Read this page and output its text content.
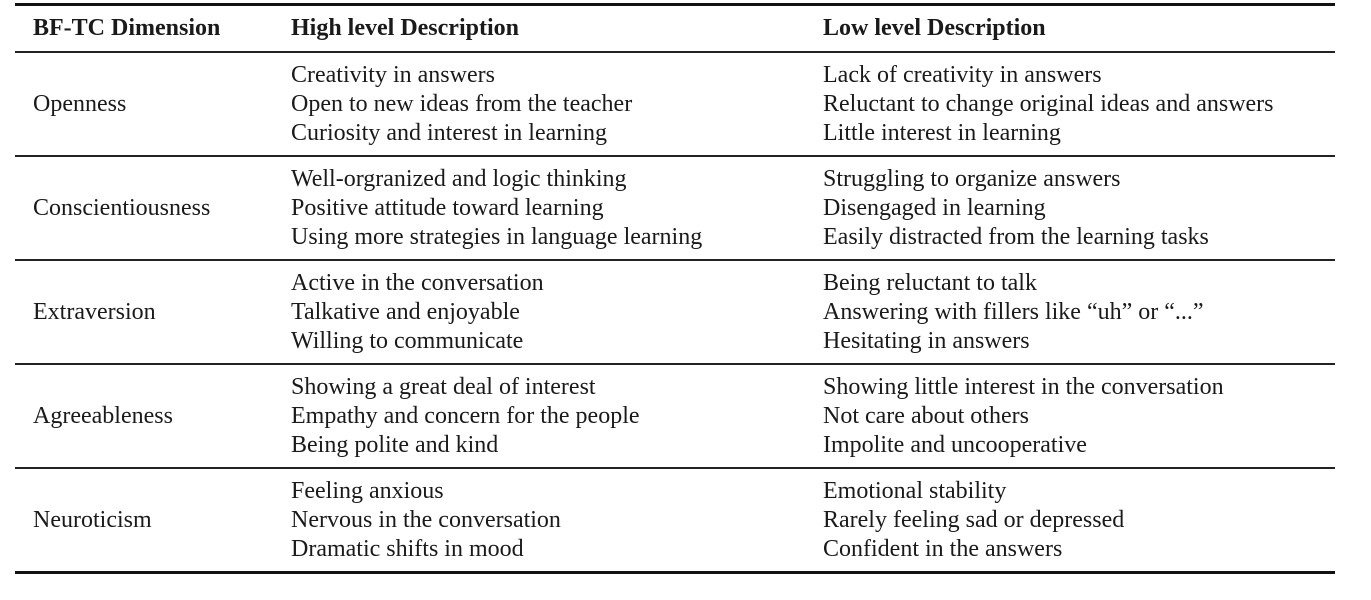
BF-TC Dimension	High level Description	Low level Description
Openness
Creativity in answers
Open to new ideas from the teacher
Curiosity and interest in learning
Lack of creativity in answers
Reluctant to change original ideas and answers
Little interest in learning
Conscientiousness
Well-orgranized and logic thinking
Positive attitude toward learning
Using more strategies in language learning
Struggling to organize answers
Disengaged in learning
Easily distracted from the learning tasks
Extraversion
Active in the conversation
Talkative and enjoyable
Willing to communicate
Being reluctant to talk
Answering with fillers like “uh” or “...”
Hesitating in answers
Agreeableness
Showing a great deal of interest
Empathy and concern for the people
Being polite and kind
Showing little interest in the conversation
Not care about others
Impolite and uncooperative
Neuroticism
Feeling anxious
Nervous in the conversation
Dramatic shifts in mood
Emotional stability
Rarely feeling sad or depressed
Confident in the answers
